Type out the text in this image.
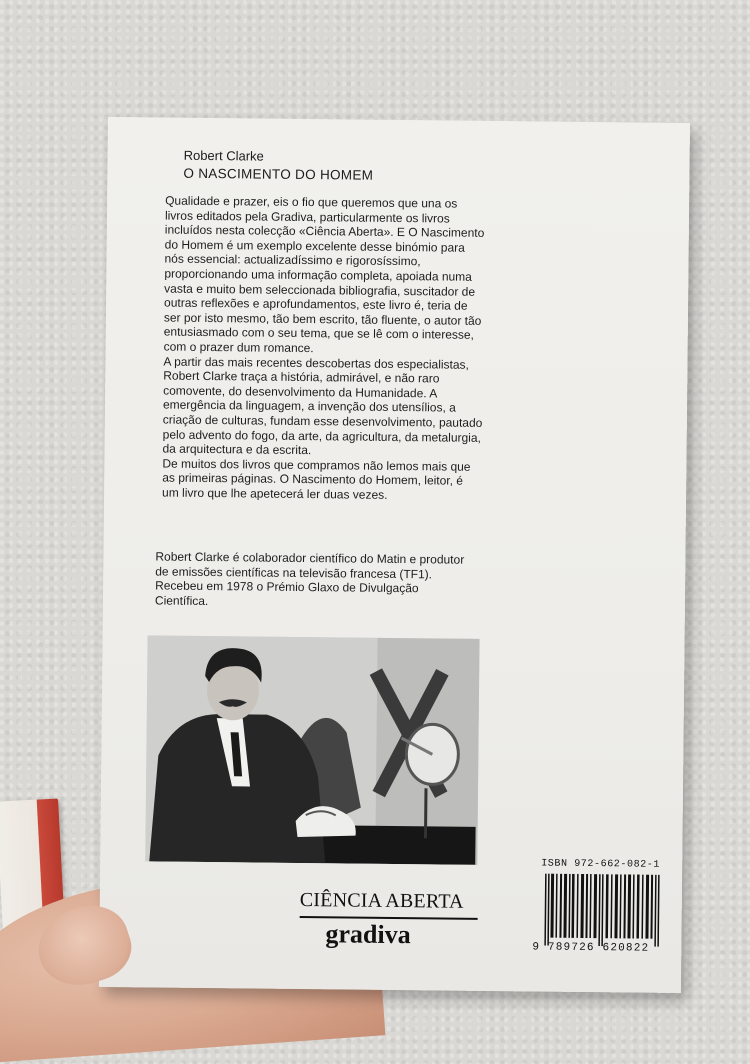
Robert Clarke
O NASCIMENTO DO HOMEM

Qualidade e prazer, eis o fio que queremos que una os livros editados pela Gradiva, particularmente os livros incluídos nesta colecção «Ciência Aberta». E O Nascimento do Homem é um exemplo excelente desse binómio para nós essencial: actualizadíssimo e rigorosíssimo, proporcionando uma informação completa, apoiada numa vasta e muito bem seleccionada bibliografia, suscitador de outras reflexões e aprofundamentos, este livro é, teria de ser por isto mesmo, tão bem escrito, tão fluente, o autor tão entusiasmado com o seu tema, que se lê com o interesse, com o prazer dum romance.

A partir das mais recentes descobertas dos especialistas, Robert Clarke traça a história, admirável, e não raro comovente, do desenvolvimento da Humanidade. A emergência da linguagem, a invenção dos utensílios, a criação de culturas, fundam esse desenvolvimento, pautado pelo advento do fogo, da arte, da agricultura, da metalurgia, da arquitectura e da escrita.

De muitos dos livros que compramos não lemos mais que as primeiras páginas. O Nascimento do Homem, leitor, é um livro que lhe apetecerá ler duas vezes.

Robert Clarke é colaborador científico do Matin e produtor de emissões científicas na televisão francesa (TF1). Recebeu em 1978 o Prémio Glaxo de Divulgação Científica.

ISBN 972-662-082-1
9 789726 620822
CIÊNCIA ABERTA
gradiva
